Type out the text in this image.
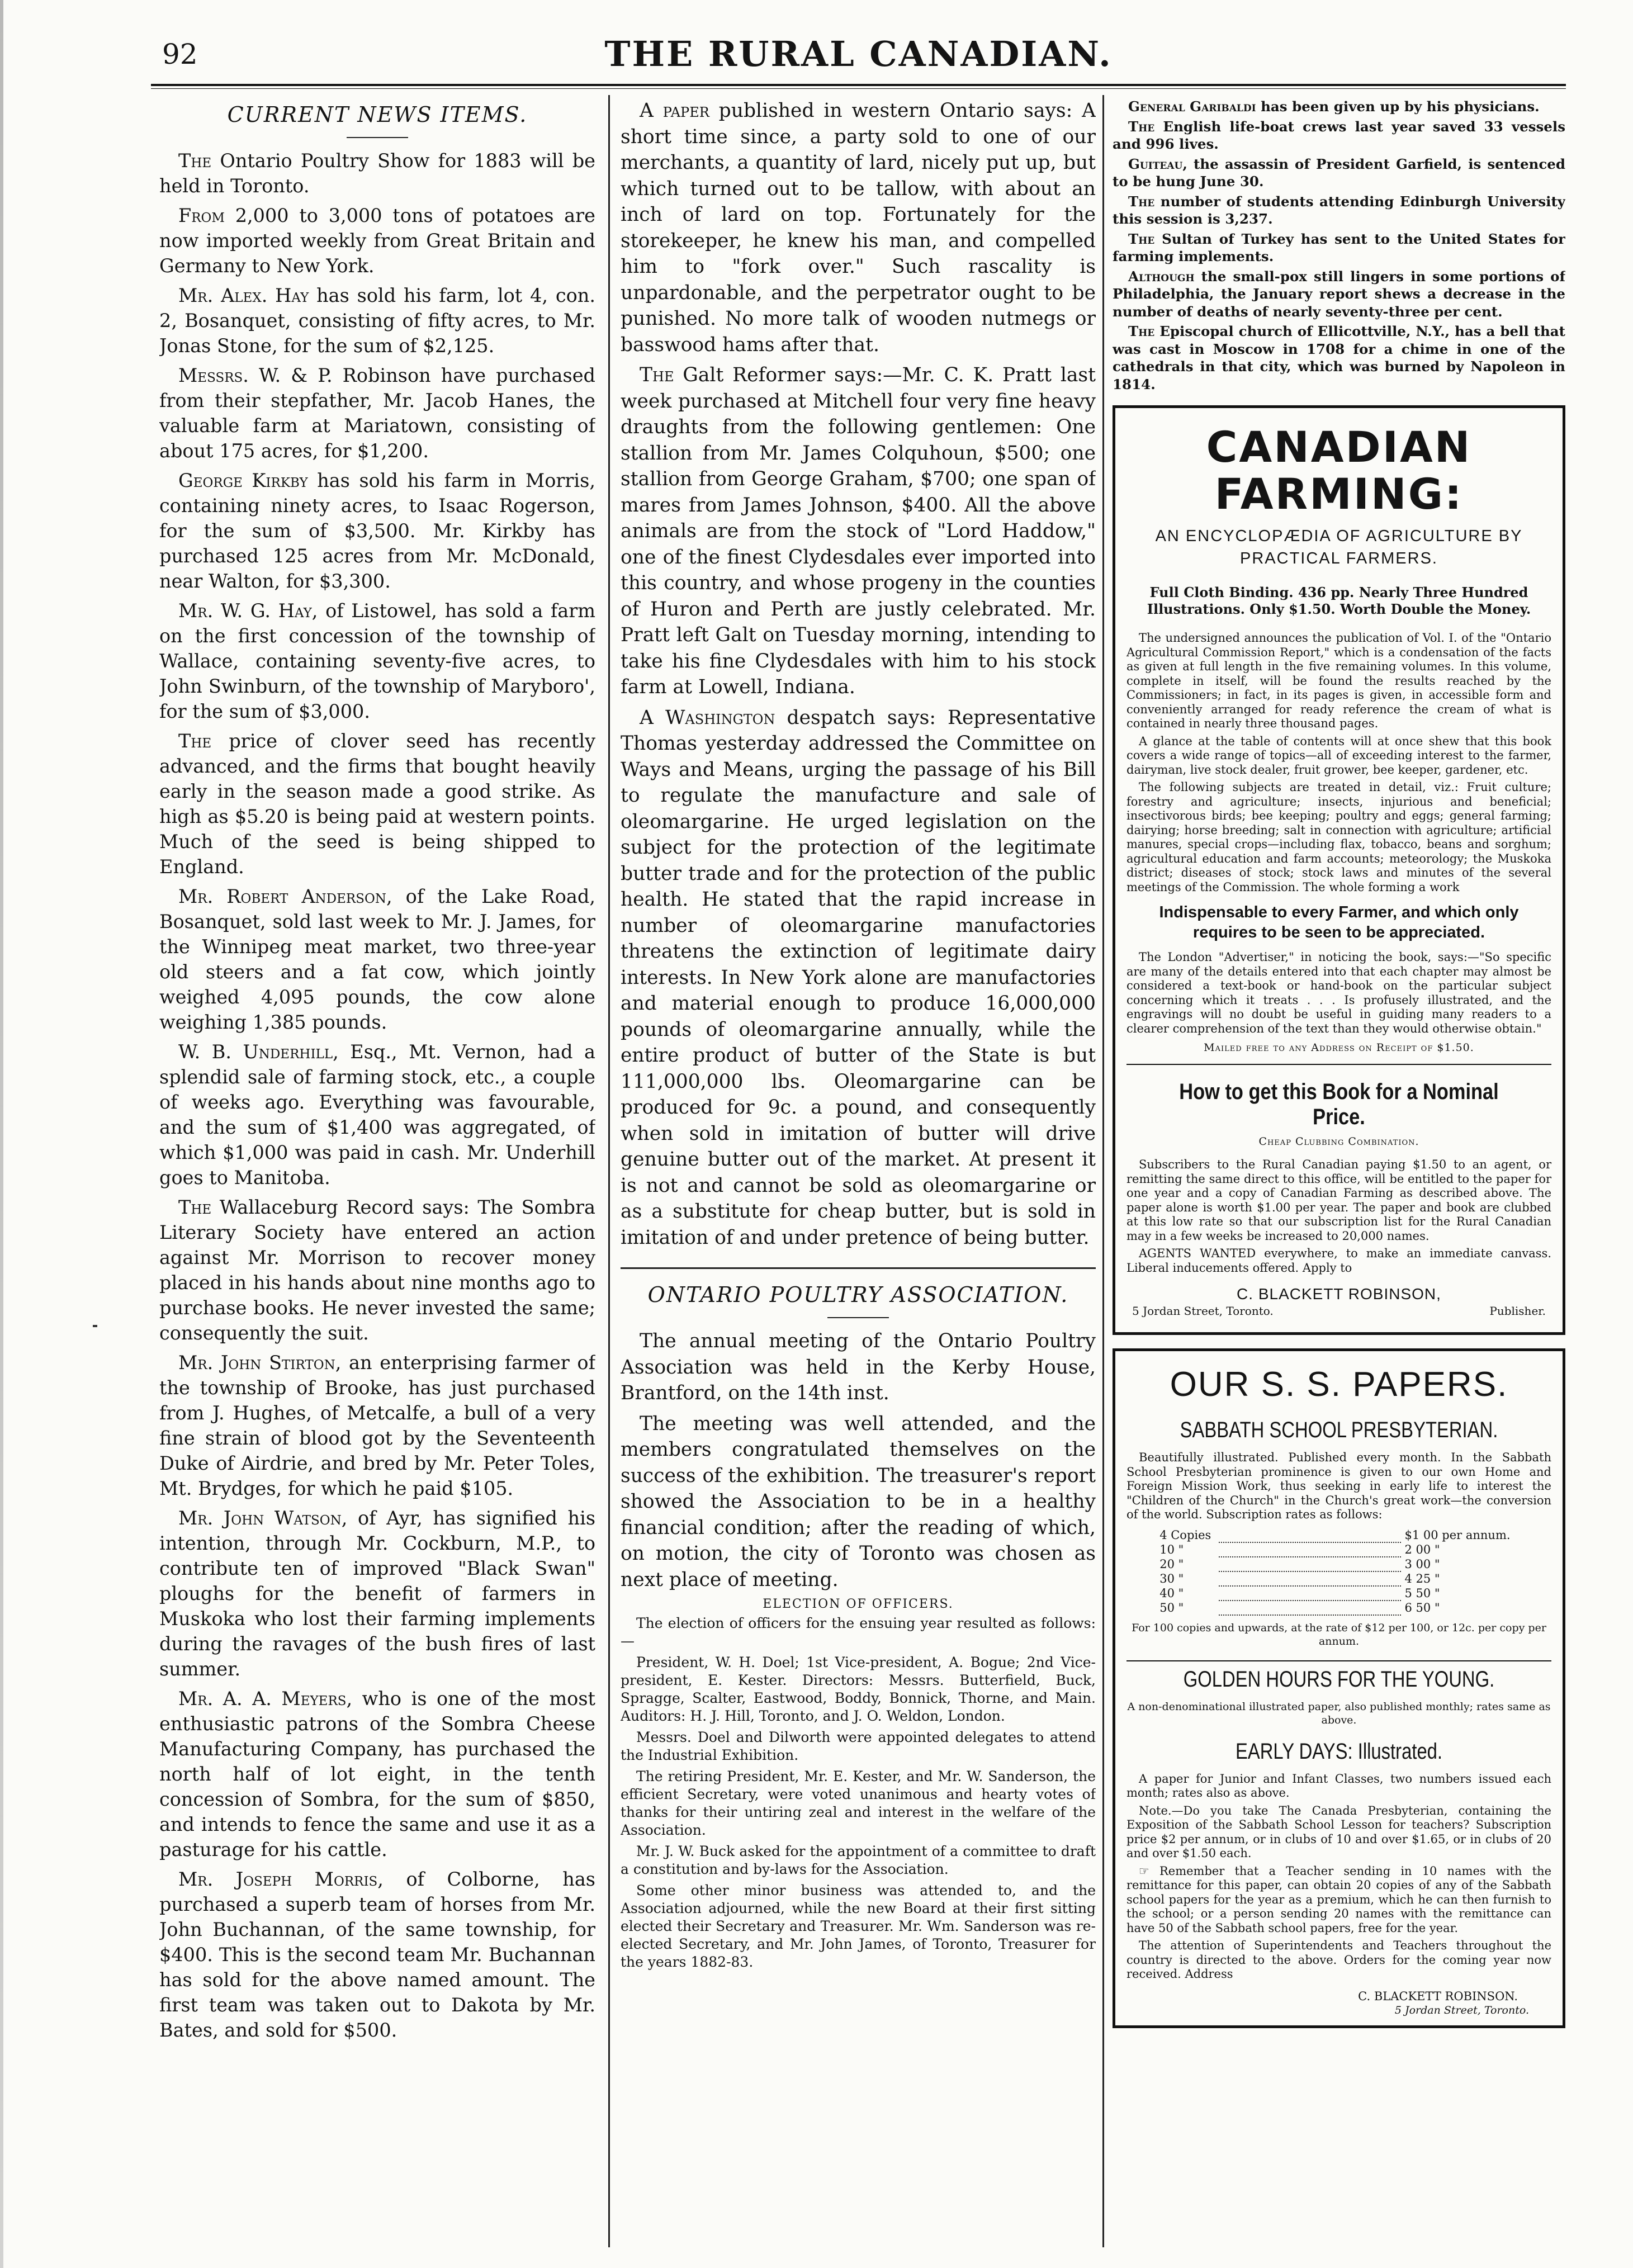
92	THE RURAL CANADIAN.
CURRENT NEWS ITEMS.

The Ontario Poultry Show for 1883 will be held in Toronto.

From 2,000 to 3,000 tons of potatoes are now imported weekly from Great Britain and Germany to New York.

Mr. Alex. Hay has sold his farm, lot 4, con. 2, Bosanquet, consisting of fifty acres, to Mr. Jonas Stone, for the sum of $2,125.

Messrs. W. & P. Robinson have purchased from their stepfather, Mr. Jacob Hanes, the valuable farm at Mariatown, consisting of about 175 acres, for $1,200.

George Kirkby has sold his farm in Morris, containing ninety acres, to Isaac Rogerson, for the sum of $3,500. Mr. Kirkby has purchased 125 acres from Mr. McDonald, near Walton, for $3,300.

Mr. W. G. Hay, of Listowel, has sold a farm on the first concession of the township of Wallace, containing seventy-five acres, to John Swinburn, of the township of Maryboro', for the sum of $3,000.

The price of clover seed has recently advanced, and the firms that bought heavily early in the season made a good strike. As high as $5.20 is being paid at western points. Much of the seed is being shipped to England.

Mr. Robert Anderson, of the Lake Road, Bosanquet, sold last week to Mr. J. James, for the Winnipeg meat market, two three-year old steers and a fat cow, which jointly weighed 4,095 pounds, the cow alone weighing 1,385 pounds.

W. B. Underhill, Esq., Mt. Vernon, had a splendid sale of farming stock, etc., a couple of weeks ago. Everything was favourable, and the sum of $1,400 was aggregated, of which $1,000 was paid in cash. Mr. Underhill goes to Manitoba.

The Wallaceburg Record says: The Sombra Literary Society have entered an action against Mr. Morrison to recover money placed in his hands about nine months ago to purchase books. He never invested the same; consequently the suit.

Mr. John Stirton, an enterprising farmer of the township of Brooke, has just purchased from J. Hughes, of Metcalfe, a bull of a very fine strain of blood got by the Seventeenth Duke of Airdrie, and bred by Mr. Peter Toles, Mt. Brydges, for which he paid $105.

Mr. John Watson, of Ayr, has signified his intention, through Mr. Cockburn, M.P., to contribute ten of improved "Black Swan" ploughs for the benefit of farmers in Muskoka who lost their farming implements during the ravages of the bush fires of last summer.

Mr. A. A. Meyers, who is one of the most enthusiastic patrons of the Sombra Cheese Manufacturing Company, has purchased the north half of lot eight, in the tenth concession of Sombra, for the sum of $850, and intends to fence the same and use it as a pasturage for his cattle.

Mr. Joseph Morris, of Colborne, has purchased a superb team of horses from Mr. John Buchannan, of the same township, for $400. This is the second team Mr. Buchannan has sold for the above named amount. The first team was taken out to Dakota by Mr. Bates, and sold for $500.

A paper published in western Ontario says: A short time since, a party sold to one of our merchants, a quantity of lard, nicely put up, but which turned out to be tallow, with about an inch of lard on top. Fortunately for the storekeeper, he knew his man, and compelled him to "fork over." Such rascality is unpardonable, and the perpetrator ought to be punished. No more talk of wooden nutmegs or basswood hams after that.

The Galt Reformer says:—Mr. C. K. Pratt last week purchased at Mitchell four very fine heavy draughts from the following gentlemen: One stallion from Mr. James Colquhoun, $500; one stallion from George Graham, $700; one span of mares from James Johnson, $400. All the above animals are from the stock of "Lord Haddow," one of the finest Clydesdales ever imported into this country, and whose progeny in the counties of Huron and Perth are justly celebrated. Mr. Pratt left Galt on Tuesday morning, intending to take his fine Clydesdales with him to his stock farm at Lowell, Indiana.

A Washington despatch says: Representative Thomas yesterday addressed the Committee on Ways and Means, urging the passage of his Bill to regulate the manufacture and sale of oleomargarine. He urged legislation on the subject for the protection of the legitimate butter trade and for the protection of the public health. He stated that the rapid increase in number of oleomargarine manufactories threatens the extinction of legitimate dairy interests. In New York alone are manufactories and material enough to produce 16,000,000 pounds of oleomargarine annually, while the entire product of butter of the State is but 111,000,000 lbs. Oleomargarine can be produced for 9c. a pound, and consequently when sold in imitation of butter will drive genuine butter out of the market. At present it is not and cannot be sold as oleomargarine or as a substitute for cheap butter, but is sold in imitation of and under pretence of being butter.

ONTARIO POULTRY ASSOCIATION.

The annual meeting of the Ontario Poultry Association was held in the Kerby House, Brantford, on the 14th inst.

The meeting was well attended, and the members congratulated themselves on the success of the exhibition. The treasurer's report showed the Association to be in a healthy financial condition; after the reading of which, on motion, the city of Toronto was chosen as next place of meeting.

ELECTION OF OFFICERS.

The election of officers for the ensuing year resulted as follows:—

President, W. H. Doel; 1st Vice-president, A. Bogue; 2nd Vice-president, E. Kester. Directors: Messrs. Butterfield, Buck, Spragge, Scalter, Eastwood, Boddy, Bonnick, Thorne, and Main. Auditors: H. J. Hill, Toronto, and J. O. Weldon, London.

Messrs. Doel and Dilworth were appointed delegates to attend the Industrial Exhibition.

The retiring President, Mr. E. Kester, and Mr. W. Sanderson, the efficient Secretary, were voted unanimous and hearty votes of thanks for their untiring zeal and interest in the welfare of the Association.

Mr. J. W. Buck asked for the appointment of a committee to draft a constitution and by-laws for the Association.

Some other minor business was attended to, and the Association adjourned, while the new Board at their first sitting elected their Secretary and Treasurer. Mr. Wm. Sanderson was re-elected Secretary, and Mr. John James, of Toronto, Treasurer for the years 1882-83.

General Garibaldi has been given up by his physicians.

The English life-boat crews last year saved 33 vessels and 996 lives.

Guiteau, the assassin of President Garfield, is sentenced to be hung June 30.

The number of students attending Edinburgh University this session is 3,237.

The Sultan of Turkey has sent to the United States for farming implements.

Although the small-pox still lingers in some portions of Philadelphia, the January report shews a decrease in the number of deaths of nearly seventy-three per cent.

The Episcopal church of Ellicottville, N.Y., has a bell that was cast in Moscow in 1708 for a chime in one of the cathedrals in that city, which was burned by Napoleon in 1814.

CANADIAN FARMING:
AN ENCYCLOPÆDIA OF AGRICULTURE BY PRACTICAL FARMERS.
Full Cloth Binding. 436 pp. Nearly Three Hundred Illustrations. Only $1.50. Worth Double the Money.

The undersigned announces the publication of Vol. I. of the "Ontario Agricultural Commission Report," which is a condensation of the facts as given at full length in the five remaining volumes. In this volume, complete in itself, will be found the results reached by the Commissioners; in fact, in its pages is given, in accessible form and conveniently arranged for ready reference the cream of what is contained in nearly three thousand pages.

A glance at the table of contents will at once shew that this book covers a wide range of topics—all of exceeding interest to the farmer, dairyman, live stock dealer, fruit grower, bee keeper, gardener, etc.

The following subjects are treated in detail, viz.: Fruit culture; forestry and agriculture; insects, injurious and beneficial; insectivorous birds; bee keeping; poultry and eggs; general farming; dairying; horse breeding; salt in connection with agriculture; artificial manures, special crops—including flax, tobacco, beans and sorghum; agricultural education and farm accounts; meteorology; the Muskoka district; diseases of stock; stock laws and minutes of the several meetings of the Commission. The whole forming a work

Indispensable to every Farmer, and which only requires to be seen to be appreciated.

The London "Advertiser," in noticing the book, says:—"So specific are many of the details entered into that each chapter may almost be considered a text-book or hand-book on the particular subject concerning which it treats . . . Is profusely illustrated, and the engravings will no doubt be useful in guiding many readers to a clearer comprehension of the text than they would otherwise obtain."

Mailed free to any Address on Receipt of $1.50.
How to get this Book for a Nominal Price.
Cheap Clubbing Combination.

Subscribers to the Rural Canadian paying $1.50 to an agent, or remitting the same direct to this office, will be entitled to the paper for one year and a copy of Canadian Farming as described above. The paper alone is worth $1.00 per year. The paper and book are clubbed at this low rate so that our subscription list for the Rural Canadian may in a few weeks be increased to 20,000 names.

AGENTS WANTED everywhere, to make an immediate canvass. Liberal inducements offered. Apply to

C. BLACKETT ROBINSON,
5 Jordan Street, Toronto.	Publisher.
OUR S. S. PAPERS.
SABBATH SCHOOL PRESBYTERIAN.

Beautifully illustrated. Published every month. In the Sabbath School Presbyterian prominence is given to our own Home and Foreign Mission Work, thus seeking in early life to interest the "Children of the Church" in the Church's great work—the conversion of the world. Subscription rates as follows:

4 Copies		$1 00 per annum.
10 "		2 00 "
20 "		3 00 "
30 "		4 25 "
40 "		5 50 "
50 "		6 50 "
For 100 copies and upwards, at the rate of $12 per 100, or 12c. per copy per annum.
GOLDEN HOURS FOR THE YOUNG.
A non-denominational illustrated paper, also published monthly; rates same as above.
EARLY DAYS: Illustrated.

A paper for Junior and Infant Classes, two numbers issued each month; rates also as above.

Note.—Do you take The Canada Presbyterian, containing the Exposition of the Sabbath School Lesson for teachers? Subscription price $2 per annum, or in clubs of 10 and over $1.65, or in clubs of 20 and over $1.50 each.

☞ Remember that a Teacher sending in 10 names with the remittance for this paper, can obtain 20 copies of any of the Sabbath school papers for the year as a premium, which he can then furnish to the school; or a person sending 20 names with the remittance can have 50 of the Sabbath school papers, free for the year.

The attention of Superintendents and Teachers throughout the country is directed to the above. Orders for the coming year now received. Address

C. BLACKETT ROBINSON.
5 Jordan Street, Toronto.
